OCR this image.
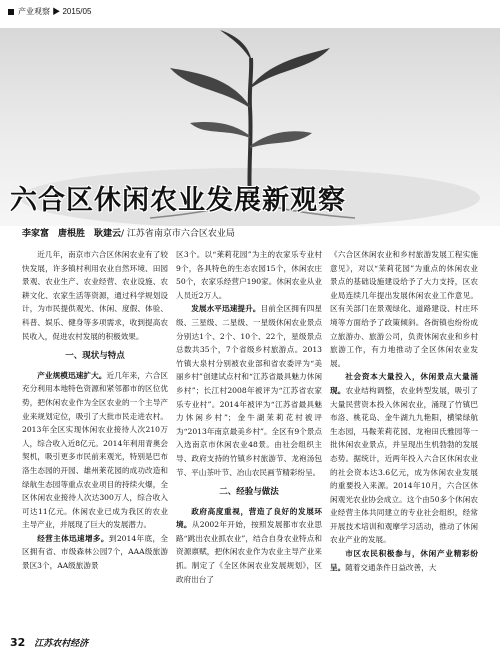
产业观察 ▶ 2015/05
六合区休闲农业发展新观察
李家富　唐根胜　耿建云/ 江苏省南京市六合区农业局

近几年，南京市六合区休闲农业有了较快发展，许多镇村利用农业自然环境、田园景观、农业生产、农业经营、农业设施、农耕文化、农家生活等资源，通过科学规划设计，为市民提供观光、休闲、度假、体验、科普、娱乐、健身等多项需求，收到提高农民收入，促进农村发展的积极效果。

一、现状与特点

产业规模迅速扩大。近几年来，六合区充分利用本地特色资源和紧邻都市的区位优势，把休闲农业作为全区农业的一个主导产业来规划定位，吸引了大批市民走进农村。2013年全区实现休闲农业接待人次210万人，综合收入近8亿元。2014年利用青奥会契机，吸引更多市民前来观光，特别是巴布洛生态园的开园、雄州莱花园的成功改造和绿航生态园等重点农业项目的持续火爆，全区休闲农业接待人次达300万人，综合收入可达11亿元。休闲农业已成为我区的农业主导产业，并展现了巨大的发展潜力。

经营主体迅速增多。到2014年底，全区拥有省、市级森林公园7个，AAA级旅游景区3个，AA级旅游景

区3个。以“莱莉花园”为主的农家乐专业村9个，各具特色的生态农园15个，休闲农庄50个，农家乐经营户190家。休闲农业从业人员近2万人。

发展水平迅速提升。目前全区拥有四星级、三星级、二星级、一星级休闲农业景点分别达1个、2个、10个、22个，星级景点总数共35个，7个省级乡村旅游点。2013竹镇大泉村分别被农业部和省农委评为“美丽乡村”创建试点村和“江苏省最具魅力休闲乡村”；长江村2008年被评为“江苏省农家乐专业村”。2014年被评为“江苏省最具魅力休闲乡村”；金牛湖茉莉花村被评为“2013年南京最美乡村”。全区有9个景点入选南京市休闲农业48景。由社会组织主导、政府支持的竹镇乡村旅游节、龙袍汤包节、平山茶叶节、冶山农民画节精彩纷呈。

二、经验与做法

政府高度重视，营造了良好的发展环境。从2002年开始，按照发展都市农业思路“跳出农业抓农业”，结合自身农业特点和资源禀赋，把休闲农业作为农业主导产业来抓。制定了《全区休闲农业发展规划》，区政府出台了

《六合区休闲农业和乡村旅游发展工程实施意见》，对以“茉莉花园”为重点的休闲农业景点的基础设施建设给予了大力支持，区农业局连续几年提出发展休闲农业工作意见。区有关部门在景观绿化、道路建设、村庄环境等方面给予了政策倾斜。各街镇也纷纷成立旅游办、旅游公司，负责休闲农业和乡村旅游工作，有力地推动了全区休闲农业发展。

社会资本大量投入，休闲景点大量涌现。农业结构调整，农业转型发展，吸引了大量民营资本投入休闲农业，涌现了竹镇巴布洛、桃花岛、金牛湖九九艳阳，横梁绿航生态园，马鞍茉莉花园、龙袍田氏雅园等一批休闲农业景点，并呈现出生机勃勃的发展态势。据统计，近两年投入六合区休闲农业的社会资本达3.6亿元，成为休闲农业发展的重要投入来源。2014年10月，六合区休闲观光农业协会成立。这个由50多个休闲农业经营主体共同建立的专业社会组织，经常开展技术培训和观摩学习活动，推动了休闲农业产业的发展。

市区农民积极参与，休闲产业精彩纷呈。随着交通条件日益改善，大

32 江苏农村经济
